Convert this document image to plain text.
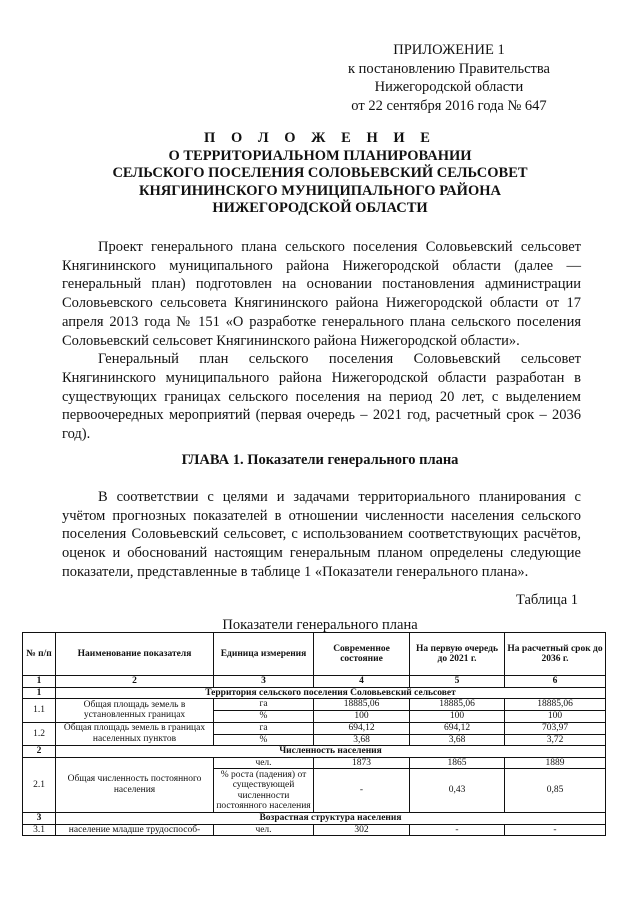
ПРИЛОЖЕНИЕ 1
к постановлению Правительства
Нижегородской области
от 22 сентября 2016 года № 647
П О Л О Ж Е Н И Е
О ТЕРРИТОРИАЛЬНОМ ПЛАНИРОВАНИИ
СЕЛЬСКОГО ПОСЕЛЕНИЯ СОЛОВЬЕВСКИЙ СЕЛЬСОВЕТ
КНЯГИНИНСКОГО МУНИЦИПАЛЬНОГО РАЙОНА
НИЖЕГОРОДСКОЙ ОБЛАСТИ

Проект генерального плана сельского поселения Соловьевский сельсовет Княгининского муниципального района Нижегородской области (далее — генеральный план) подготовлен на основании постановления администрации Соловьевского сельсовета Княгининского района Нижегородской области от 17 апреля 2013 года № 151 «О разработке генерального плана сельского поселения Соловьевский сельсовет Княгининского района Нижегородской области».

Генеральный план сельского поселения Соловьевский сельсовет Княгининского муниципального района Нижегородской области разработан в существующих границах сельского поселения на период 20 лет, с выделением первоочередных мероприятий (первая очередь – 2021 год, расчетный срок – 2036 год).

ГЛАВА 1. Показатели генерального плана

В соответствии с целями и задачами территориального планирования с учётом прогнозных показателей в отношении численности населения сельского поселения Соловьевский сельсовет, с использованием соответствующих расчётов, оценок и обоснований настоящим генеральным планом определены следующие показатели, представленные в таблице 1 «Показатели генерального плана».

Таблица 1
Показатели генерального плана
№ п/п	Наименование показателя	Единица измерения	Современное состояние	На первую очередь до 2021 г.	На расчетный срок до 2036 г.
1	2	3	4	5	6
1	Территория сельского поселения Соловьевский сельсовет				
1.1	Общая площадь земель в установленных границах	га	18885,06	18885,06	18885,06
		%	100	100	100
1.2	Общая площадь земель в границах населенных пунктов	га	694,12	694,12	703,97
		%	3,68	3,68	3,72
2	Численность населения				
2.1	Общая численность постоянного населения	чел.	1873	1865	1889
		% роста (падения) от существующей численности постоянного населения	-	0,43	0,85
3	Возрастная структура населения				
3.1	население младше трудоспособ-	чел.	302	-	-
